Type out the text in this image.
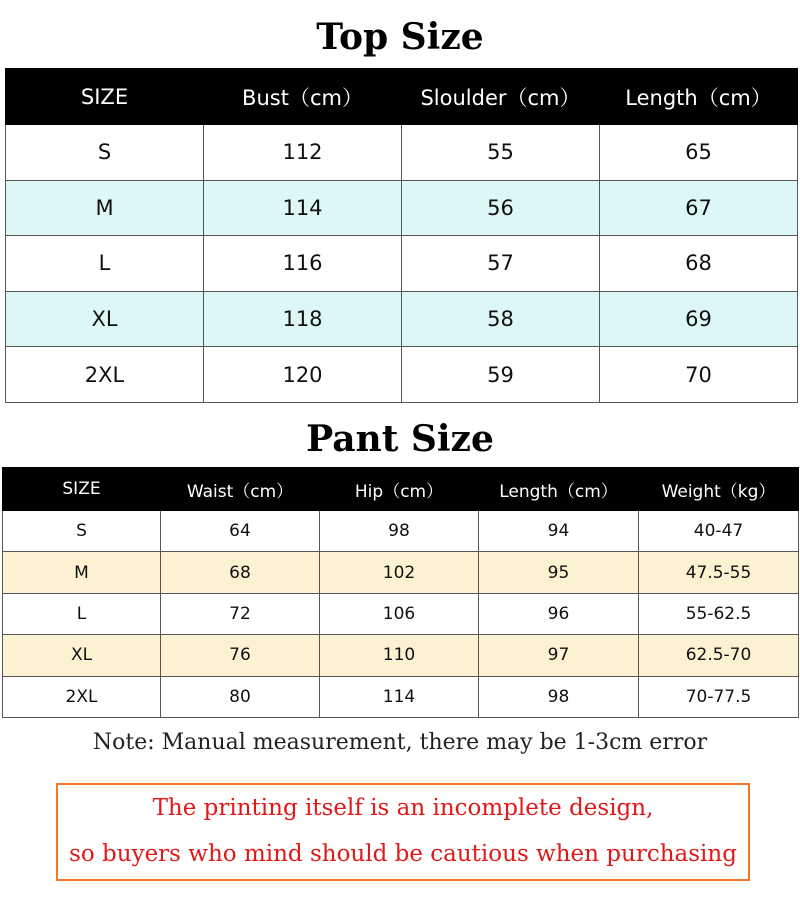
Top Size
SIZE	Bust（cm）	Sloulder（cm）	Length（cm）
S	112	55	65
M	114	56	67
L	116	57	68
XL	118	58	69
2XL	120	59	70
Pant Size
SIZE	Waist（cm）	Hip（cm）	Length（cm）	Weight（kg）
S	64	98	94	40-47
M	68	102	95	47.5-55
L	72	106	96	55-62.5
XL	76	110	97	62.5-70
2XL	80	114	98	70-77.5
Note: Manual measurement, there may be 1-3cm error
The printing itself is an incomplete design,
so buyers who mind should be cautious when purchasing
